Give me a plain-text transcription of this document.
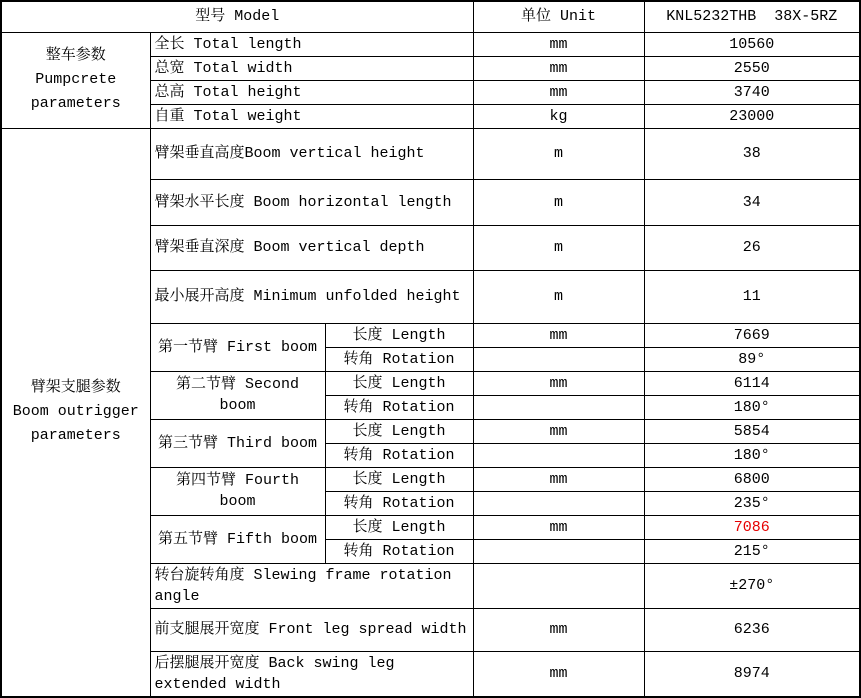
型号 Model			单位 Unit	KNL5232THB  38X-5RZ

整车参数
Pumpcrete
parameters	全长 Total length		mm	10560
	总宽 Total width		mm	2550
	总高 Total height		mm	3740
	自重 Total weight		kg	23000

臂架支腿参数
Boom outrigger
parameters	臂架垂直高度Boom vertical height		m	38
	臂架水平长度 Boom horizontal length		m	34
	臂架垂直深度 Boom vertical depth		m	26
	最小展开高度 Minimum unfolded height		m	11
	第一节臂 First boom	长度 Length	mm	7669
		转角 Rotation		89°
	第二节臂 Second boom	长度 Length	mm	6114
		转角 Rotation		180°
	第三节臂 Third boom	长度 Length	mm	5854
		转角 Rotation		180°
	第四节臂 Fourth boom	长度 Length	mm	6800
		转角 Rotation		235°
	第五节臂 Fifth boom	长度 Length	mm	7086
		转角 Rotation		215°
	转台旋转角度 Slewing frame rotation angle			±270°
	前支腿展开宽度 Front leg spread width		mm	6236
	后摆腿展开宽度 Back swing leg extended width		mm	8974
